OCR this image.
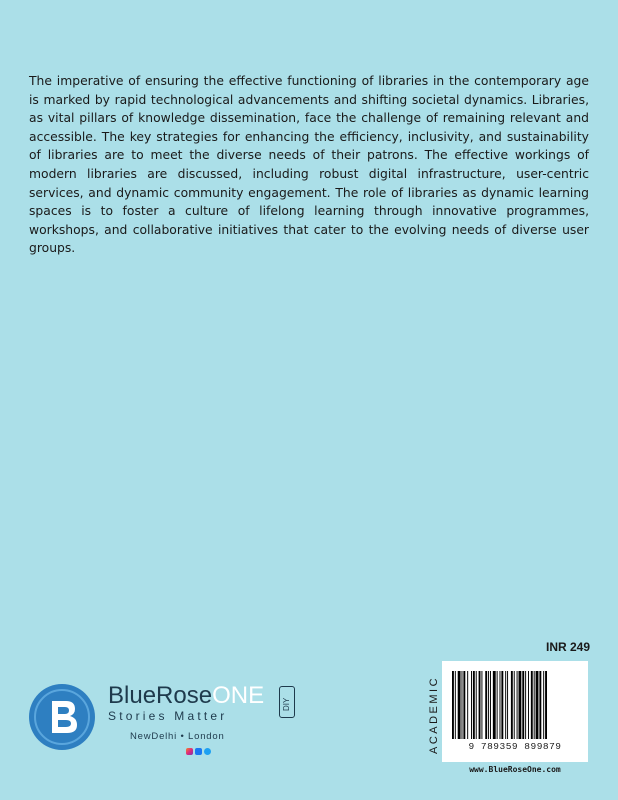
The imperative of ensuring the effective functioning of libraries in the contemporary age is marked by rapid technological advancements and shifting societal dynamics. Libraries, as vital pillars of knowledge dissemination, face the challenge of remaining relevant and accessible. The key strategies for enhancing the efficiency, inclusivity, and sustainability of libraries are to meet the diverse needs of their patrons. The effective workings of modern libraries are discussed, including robust digital infrastructure, user-centric services, and dynamic community engagement. The role of libraries as dynamic learning spaces is to foster a culture of lifelong learning through innovative programmes, workshops, and collaborative initiatives that cater to the evolving needs of diverse user groups.

INR 249
ACADEMIC	9 789359 899879
www.BlueRoseOne.com
BlueRoseONE DIY
Stories Matter
NewDelhi • London
